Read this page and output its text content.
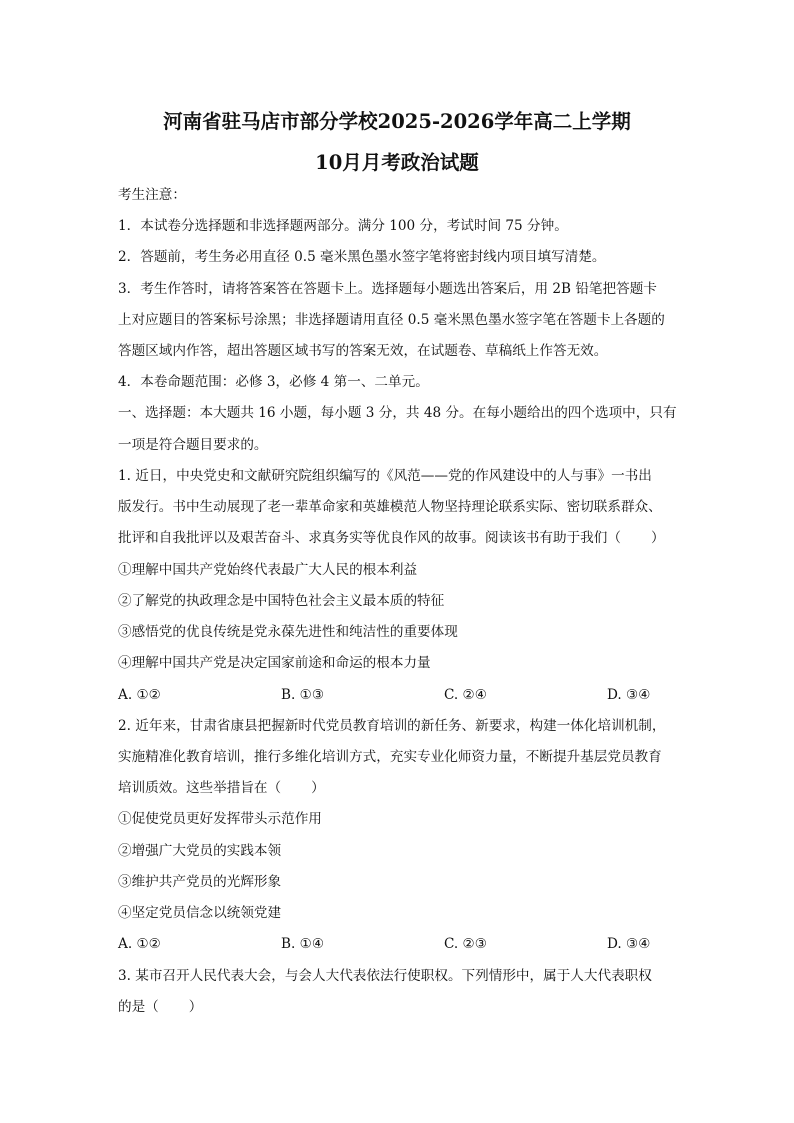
河南省驻马店市部分学校2025-2026学年高二上学期
10月月考政治试题
考生注意：
1．本试卷分选择题和非选择题两部分。满分 100 分，考试时间 75 分钟。
2．答题前，考生务必用直径 0.5 毫米黑色墨水签字笔将密封线内项目填写清楚。
3．考生作答时，请将答案答在答题卡上。选择题每小题选出答案后，用 2B 铅笔把答题卡
上对应题目的答案标号涂黑；非选择题请用直径 0.5 毫米黑色墨水签字笔在答题卡上各题的
答题区域内作答，超出答题区域书写的答案无效，在试题卷、草稿纸上作答无效。
4．本卷命题范围：必修 3，必修 4 第一、二单元。
一、选择题：本大题共 16 小题，每小题 3 分，共 48 分。在每小题给出的四个选项中，只有
一项是符合题目要求的。
1. 近日，中央党史和文献研究院组织编写的《风范——党的作风建设中的人与事》一书出
版发行。书中生动展现了老一辈革命家和英雄模范人物坚持理论联系实际、密切联系群众、
批评和自我批评以及艰苦奋斗、求真务实等优良作风的故事。阅读该书有助于我们（ ）
①理解中国共产党始终代表最广大人民的根本利益
②了解党的执政理念是中国特色社会主义最本质的特征
③感悟党的优良传统是党永葆先进性和纯洁性的重要体现
④理解中国共产党是决定国家前途和命运的根本力量
A. ①②	B. ①③	C. ②④	D. ③④
2. 近年来，甘肃省康县把握新时代党员教育培训的新任务、新要求，构建一体化培训机制，
实施精准化教育培训，推行多维化培训方式，充实专业化师资力量，不断提升基层党员教育
培训质效。这些举措旨在（ ）
①促使党员更好发挥带头示范作用
②增强广大党员的实践本领
③维护共产党员的光辉形象
④坚定党员信念以统领党建
A. ①②	B. ①④	C. ②③	D. ③④
3. 某市召开人民代表大会，与会人大代表依法行使职权。下列情形中，属于人大代表职权
的是（ ）
